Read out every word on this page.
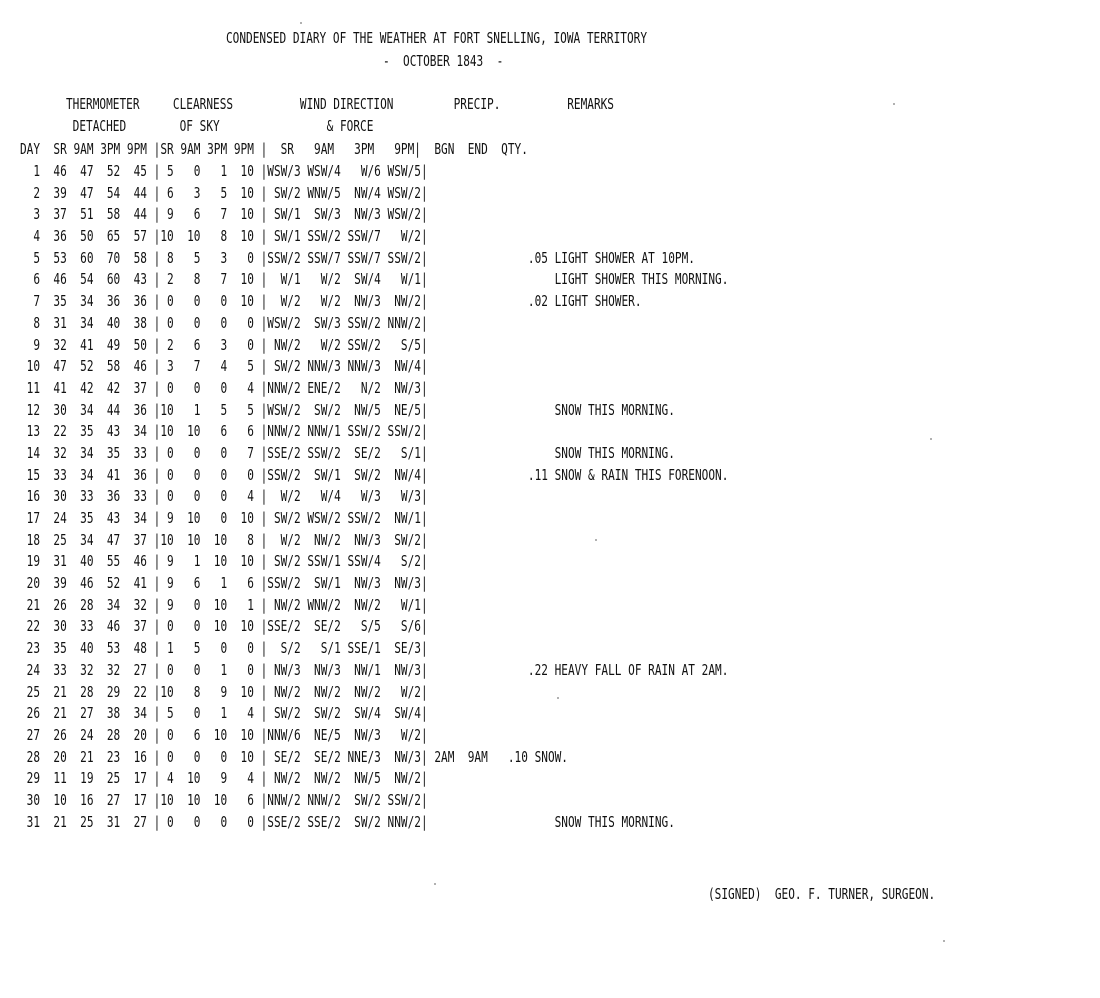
CONDENSED DIARY OF THE WEATHER AT FORT SNELLING, IOWA TERRITORY
-  OCTOBER 1843  -
THERMOMETER     CLEARNESS          WIND DIRECTION         PRECIP.          REMARKS
DETACHED        OF SKY                & FORCE
DAY  SR 9AM 3PM 9PM |SR 9AM 3PM 9PM |  SR   9AM   3PM   9PM|  BGN  END  QTY.
1  46  47  52  45 | 5   0   1  10 |WSW/3 WSW/4   W/6 WSW/5|
2  39  47  54  44 | 6   3   5  10 | SW/2 WNW/5  NW/4 WSW/2|
3  37  51  58  44 | 9   6   7  10 | SW/1  SW/3  NW/3 WSW/2|
4  36  50  65  57 |10  10   8  10 | SW/1 SSW/2 SSW/7   W/2|
5  53  60  70  58 | 8   5   3   0 |SSW/2 SSW/7 SSW/7 SSW/2|               .05 LIGHT SHOWER AT 10PM.
6  46  54  60  43 | 2   8   7  10 |  W/1   W/2  SW/4   W/1|                   LIGHT SHOWER THIS MORNING.
7  35  34  36  36 | 0   0   0  10 |  W/2   W/2  NW/3  NW/2|               .02 LIGHT SHOWER.
8  31  34  40  38 | 0   0   0   0 |WSW/2  SW/3 SSW/2 NNW/2|
9  32  41  49  50 | 2   6   3   0 | NW/2   W/2 SSW/2   S/5|
10  47  52  58  46 | 3   7   4   5 | SW/2 NNW/3 NNW/3  NW/4|
11  41  42  42  37 | 0   0   0   4 |NNW/2 ENE/2   N/2  NW/3|
12  30  34  44  36 |10   1   5   5 |WSW/2  SW/2  NW/5  NE/5|                   SNOW THIS MORNING.
13  22  35  43  34 |10  10   6   6 |NNW/2 NNW/1 SSW/2 SSW/2|
14  32  34  35  33 | 0   0   0   7 |SSE/2 SSW/2  SE/2   S/1|                   SNOW THIS MORNING.
15  33  34  41  36 | 0   0   0   0 |SSW/2  SW/1  SW/2  NW/4|               .11 SNOW & RAIN THIS FORENOON.
16  30  33  36  33 | 0   0   0   4 |  W/2   W/4   W/3   W/3|
17  24  35  43  34 | 9  10   0  10 | SW/2 WSW/2 SSW/2  NW/1|
18  25  34  47  37 |10  10  10   8 |  W/2  NW/2  NW/3  SW/2|
19  31  40  55  46 | 9   1  10  10 | SW/2 SSW/1 SSW/4   S/2|
20  39  46  52  41 | 9   6   1   6 |SSW/2  SW/1  NW/3  NW/3|
21  26  28  34  32 | 9   0  10   1 | NW/2 WNW/2  NW/2   W/1|
22  30  33  46  37 | 0   0  10  10 |SSE/2  SE/2   S/5   S/6|
23  35  40  53  48 | 1   5   0   0 |  S/2   S/1 SSE/1  SE/3|
24  33  32  32  27 | 0   0   1   0 | NW/3  NW/3  NW/1  NW/3|               .22 HEAVY FALL OF RAIN AT 2AM.
25  21  28  29  22 |10   8   9  10 | NW/2  NW/2  NW/2   W/2|
26  21  27  38  34 | 5   0   1   4 | SW/2  SW/2  SW/4  SW/4|
27  26  24  28  20 | 0   6  10  10 |NNW/6  NE/5  NW/3   W/2|
28  20  21  23  16 | 0   0   0  10 | SE/2  SE/2 NNE/3  NW/3| 2AM  9AM   .10 SNOW.
29  11  19  25  17 | 4  10   9   4 | NW/2  NW/2  NW/5  NW/2|
30  10  16  27  17 |10  10  10   6 |NNW/2 NNW/2  SW/2 SSW/2|
31  21  25  31  27 | 0   0   0   0 |SSE/2 SSE/2  SW/2 NNW/2|                   SNOW THIS MORNING.
(SIGNED)  GEO. F. TURNER, SURGEON.
